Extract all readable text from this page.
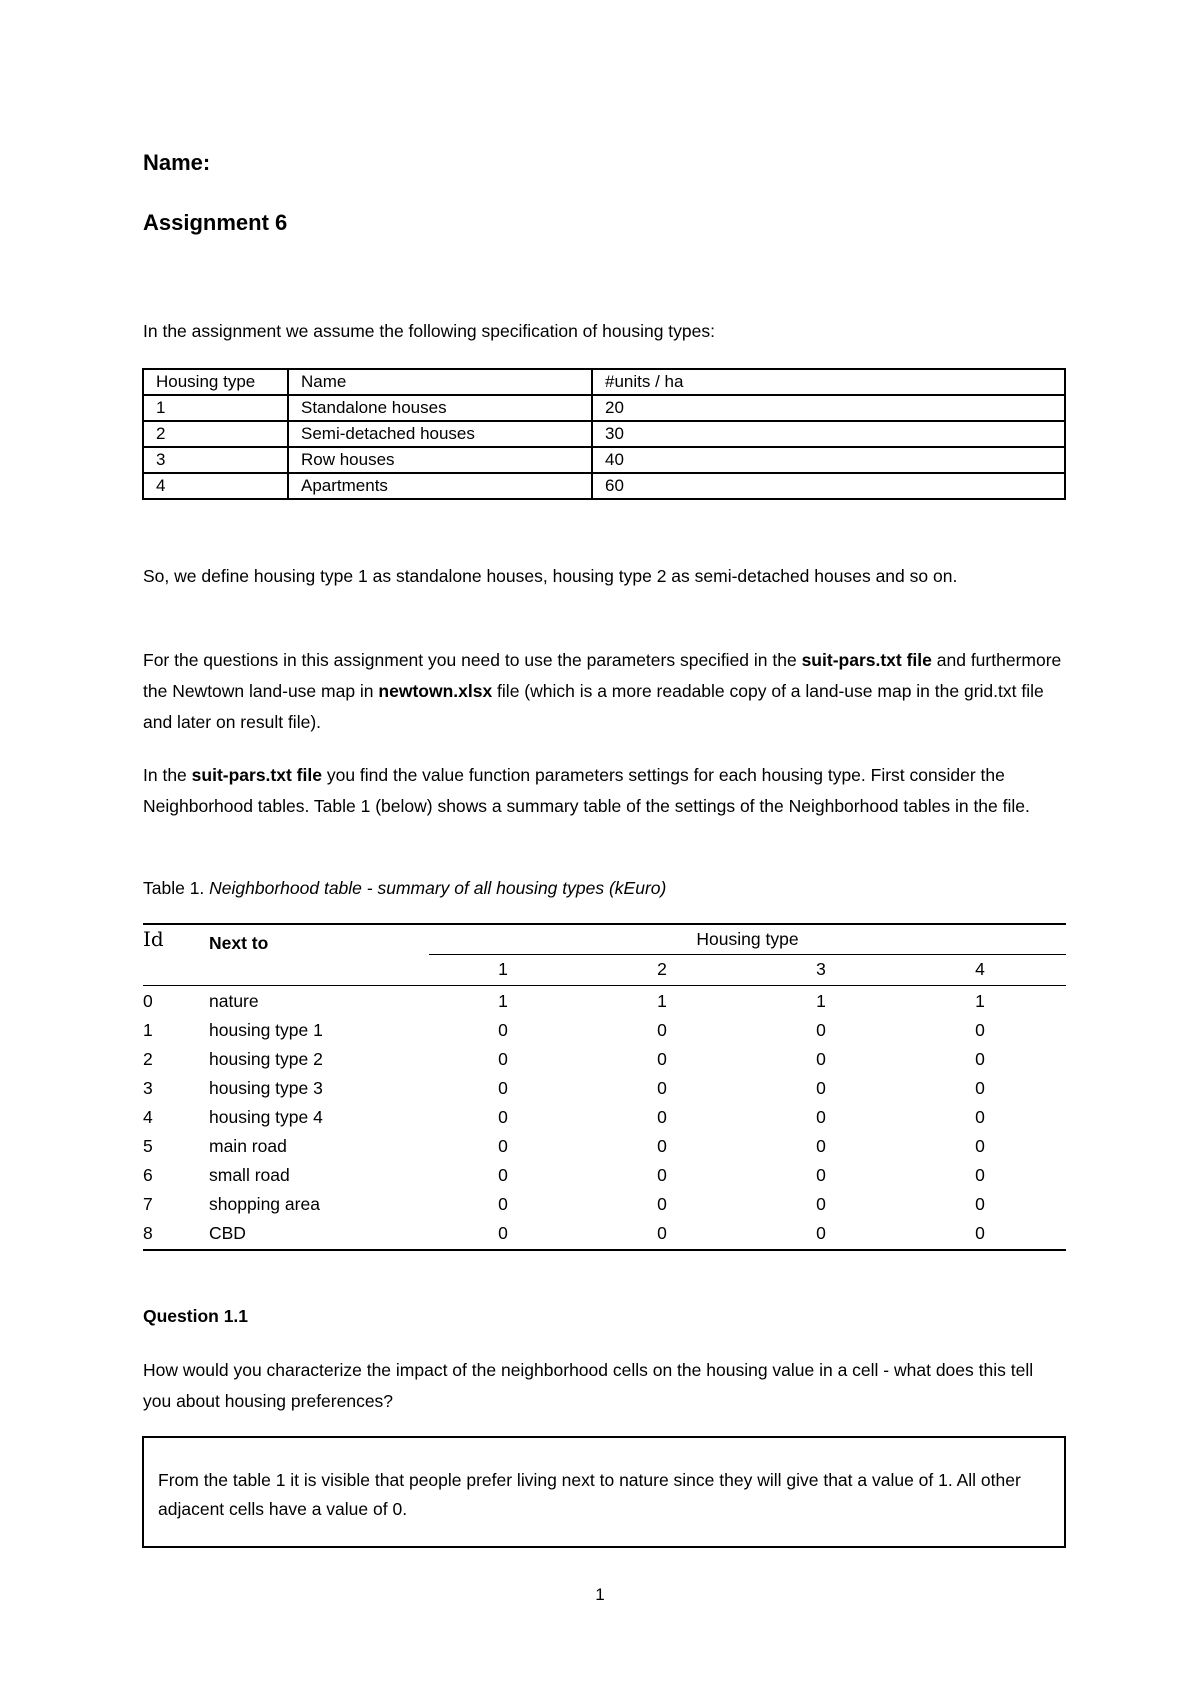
Name:
Assignment 6
In the assignment we assume the following specification of housing types:
Housing type	Name	#units / ha
1	Standalone houses	20
2	Semi-detached houses	30
3	Row houses	40
4	Apartments	60
So, we define housing type 1 as standalone houses, housing type 2 as semi-detached houses and so on.
For the questions in this assignment you need to use the parameters specified in the suit-pars.txt file and furthermore the Newtown land-use map in newtown.xlsx file (which is a more readable copy of a land-use map in the grid.txt file and later on result file).
In the suit-pars.txt file you find the value function parameters settings for each housing type. First consider the Neighborhood tables. Table 1 (below) shows a summary table of the settings of the Neighborhood tables in the file.
Table 1. Neighborhood table - summary of all housing types (kEuro)
Id	Next to	Housing type
1	2	3	4
0	nature	1	1	1	1
1	housing type 1	0	0	0	0
2	housing type 2	0	0	0	0
3	housing type 3	0	0	0	0
4	housing type 4	0	0	0	0
5	main road	0	0	0	0
6	small road	0	0	0	0
7	shopping area	0	0	0	0
8	CBD	0	0	0	0
Question 1.1
How would you characterize the impact of the neighborhood cells on the housing value in a cell - what does this tell you about housing preferences?
From the table 1 it is visible that people prefer living next to nature since they will give that a value of 1. All other adjacent cells have a value of 0.
1
